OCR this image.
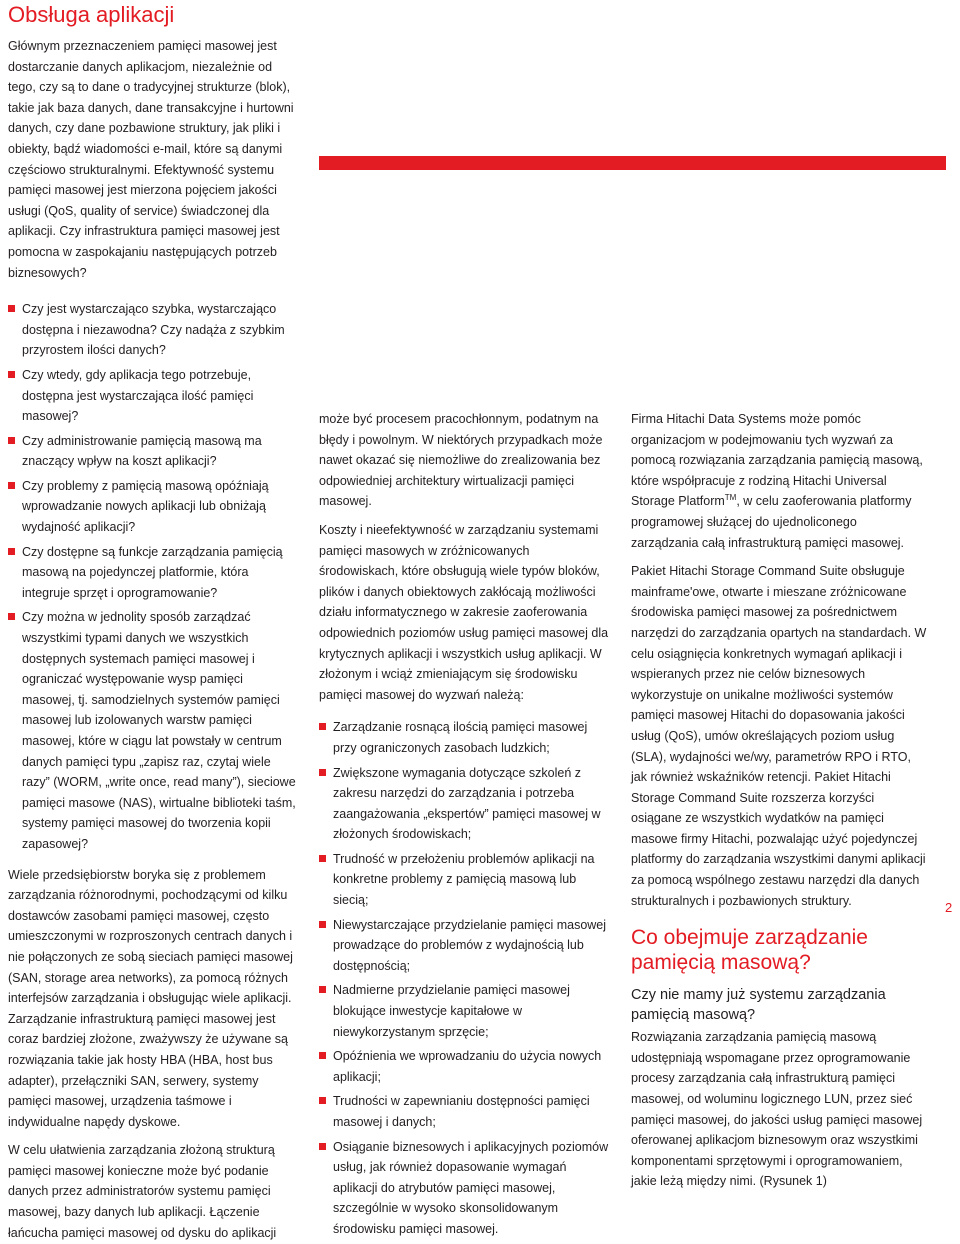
Obsługa aplikacji

Głównym przeznaczeniem pamięci masowej jest dostarczanie danych aplikacjom, niezależnie od tego, czy są to dane o tradycyjnej strukturze (blok), takie jak baza danych, dane transakcyjne i hurtowni danych, czy dane pozbawione struktury, jak pliki i obiekty, bądź wiadomości e-mail, które są danymi częściowo strukturalnymi. Efektywność systemu pamięci masowej jest mierzona pojęciem jakości usługi (QoS, quality of service) świadczonej dla aplikacji. Czy infrastruktura pamięci masowej jest pomocna w zaspokajaniu następujących potrzeb biznesowych?

Czy jest wystarczająco szybka, wystarczająco dostępna i niezawodna? Czy nadąża z szybkim przyrostem ilości danych?
Czy wtedy, gdy aplikacja tego potrzebuje, dostępna jest wystarczająca ilość pamięci masowej?
Czy administrowanie pamięcią masową ma znaczący wpływ na koszt aplikacji?
Czy problemy z pamięcią masową opóźniają wprowadzanie nowych aplikacji lub obniżają wydajność aplikacji?
Czy dostępne są funkcje zarządzania pamięcią masową na pojedynczej platformie, która integruje sprzęt i oprogramowanie?
Czy można w jednolity sposób zarządzać wszystkimi typami danych we wszystkich dostępnych systemach pamięci masowej i ograniczać występowanie wysp pamięci masowej, tj. samodzielnych systemów pamięci masowej lub izolowanych warstw pamięci masowej, które w ciągu lat powstały w centrum danych pamięci typu „zapisz raz, czytaj wiele razy” (WORM, „write once, read many”), sieciowe pamięci masowe (NAS), wirtualne biblioteki taśm, systemy pamięci masowej do tworzenia kopii zapasowej?

Wiele przedsiębiorstw boryka się z problemem zarządzania różnorodnymi, pochodzącymi od kilku dostawców zasobami pamięci masowej, często umieszczonymi w rozproszonych centrach danych i nie połączonych ze sobą sieciach pamięci masowej (SAN, storage area networks), za pomocą różnych interfejsów zarządzania i obsługując wiele aplikacji. Zarządzanie infrastrukturą pamięci masowej jest coraz bardziej złożone, zważywszy że używane są rozwiązania takie jak hosty HBA (HBA, host bus adapter), przełączniki SAN, serwery, systemy pamięci masowej, urządzenia taśmowe i indywidualne napędy dyskowe.

W celu ułatwienia zarządzania złożoną strukturą pamięci masowej konieczne może być podanie danych przez administratorów systemu pamięci masowej, bazy danych lub aplikacji. Łączenie łańcucha pamięci masowej od dysku do aplikacji

może być procesem pracochłonnym, podatnym na błędy i powolnym. W niektórych przypadkach może nawet okazać się niemożliwe do zrealizowania bez odpowiedniej architektury wirtualizacji pamięci masowej.

Koszty i nieefektywność w zarządzaniu systemami pamięci masowych w zróżnicowanych środowiskach, które obsługują wiele typów bloków, plików i danych obiektowych zakłócają możliwości działu informatycznego w zakresie zaoferowania odpowiednich poziomów usług pamięci masowej dla krytycznych aplikacji i wszystkich usług aplikacji. W złożonym i wciąż zmieniającym się środowisku pamięci masowej do wyzwań należą:

Zarządzanie rosnącą ilością pamięci masowej przy ograniczonych zasobach ludzkich;
Zwiększone wymagania dotyczące szkoleń z zakresu narzędzi do zarządzania i potrzeba zaangażowania „ekspertów” pamięci masowej w złożonych środowiskach;
Trudność w przełożeniu problemów aplikacji na konkretne problemy z pamięcią masową lub siecią;
Niewystarczające przydzielanie pamięci masowej prowadzące do problemów z wydajnością lub dostępnością;
Nadmierne przydzielanie pamięci masowej blokujące inwestycje kapitałowe w niewykorzystanym sprzęcie;
Opóźnienia we wprowadzaniu do użycia nowych aplikacji;
Trudności w zapewnianiu dostępności pamięci masowej i danych;
Osiąganie biznesowych i aplikacyjnych poziomów usług, jak również dopasowanie wymagań aplikacji do atrybutów pamięci masowej, szczególnie w wysoko skonsolidowanym środowisku pamięci masowej.

Firma Hitachi Data Systems może pomóc organizacjom w podejmowaniu tych wyzwań za pomocą rozwiązania zarządzania pamięcią masową, które współpracuje z rodziną Hitachi Universal Storage Platform™, w celu zaoferowania platformy programowej służącej do ujednoliconego zarządzania całą infrastrukturą pamięci masowej.

Pakiet Hitachi Storage Command Suite obsługuje mainframe'owe, otwarte i mieszane zróżnicowane środowiska pamięci masowej za pośrednictwem narzędzi do zarządzania opartych na standardach. W celu osiągnięcia konkretnych wymagań aplikacji i wspieranych przez nie celów biznesowych wykorzystuje on unikalne możliwości systemów pamięci masowej Hitachi do dopasowania jakości usług (QoS), umów określających poziom usług (SLA), wydajności we/wy, parametrów RPO i RTO, jak również wskaźników retencji. Pakiet Hitachi Storage Command Suite rozszerza korzyści osiągane ze wszystkich wydatków na pamięci masowe firmy Hitachi, pozwalając użyć pojedynczej platformy do zarządzania wszystkimi danymi aplikacji za pomocą wspólnego zestawu narzędzi dla danych strukturalnych i pozbawionych struktury.

Co obejmuje zarządzanie pamięcią masową?
Czy nie mamy już systemu zarządzania pamięcią masową?

Rozwiązania zarządzania pamięcią masową udostępniają wspomagane przez oprogramowanie procesy zarządzania całą infrastrukturą pamięci masowej, od woluminu logicznego LUN, przez sieć pamięci masowej, do jakości usług pamięci masowej oferowanej aplikacjom biznesowym oraz wszystkimi komponentami sprzętowymi i oprogramowaniem, jakie leżą między nimi. (Rysunek 1)

2
